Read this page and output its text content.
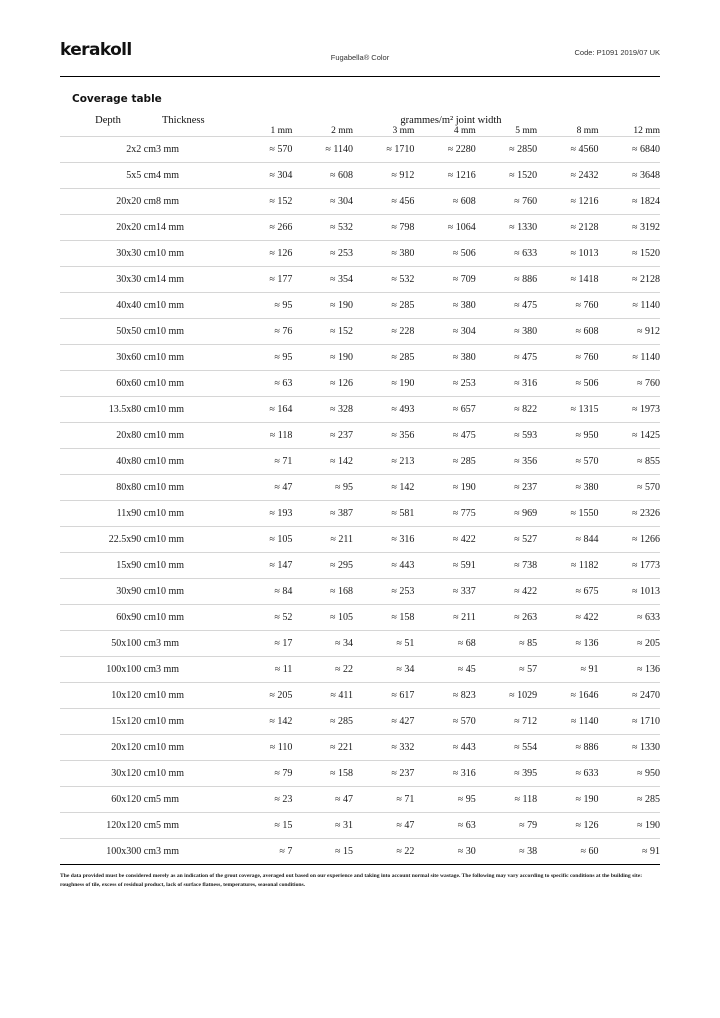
kerakoll	Code: P1091 2019/07 UK
Fugabella® Color
Coverage table
Depth	Thickness	grammes/m² joint width						
		1 mm	2 mm	3 mm	4 mm	5 mm	8 mm	12 mm
2x2 cm	3 mm	≈ 570	≈ 1140	≈ 1710	≈ 2280	≈ 2850	≈ 4560	≈ 6840
5x5 cm	4 mm	≈ 304	≈ 608	≈ 912	≈ 1216	≈ 1520	≈ 2432	≈ 3648
20x20 cm	8 mm	≈ 152	≈ 304	≈ 456	≈ 608	≈ 760	≈ 1216	≈ 1824
20x20 cm	14 mm	≈ 266	≈ 532	≈ 798	≈ 1064	≈ 1330	≈ 2128	≈ 3192
30x30 cm	10 mm	≈ 126	≈ 253	≈ 380	≈ 506	≈ 633	≈ 1013	≈ 1520
30x30 cm	14 mm	≈ 177	≈ 354	≈ 532	≈ 709	≈ 886	≈ 1418	≈ 2128
40x40 cm	10 mm	≈ 95	≈ 190	≈ 285	≈ 380	≈ 475	≈ 760	≈ 1140
50x50 cm	10 mm	≈ 76	≈ 152	≈ 228	≈ 304	≈ 380	≈ 608	≈ 912
30x60 cm	10 mm	≈ 95	≈ 190	≈ 285	≈ 380	≈ 475	≈ 760	≈ 1140
60x60 cm	10 mm	≈ 63	≈ 126	≈ 190	≈ 253	≈ 316	≈ 506	≈ 760
13.5x80 cm	10 mm	≈ 164	≈ 328	≈ 493	≈ 657	≈ 822	≈ 1315	≈ 1973
20x80 cm	10 mm	≈ 118	≈ 237	≈ 356	≈ 475	≈ 593	≈ 950	≈ 1425
40x80 cm	10 mm	≈ 71	≈ 142	≈ 213	≈ 285	≈ 356	≈ 570	≈ 855
80x80 cm	10 mm	≈ 47	≈ 95	≈ 142	≈ 190	≈ 237	≈ 380	≈ 570
11x90 cm	10 mm	≈ 193	≈ 387	≈ 581	≈ 775	≈ 969	≈ 1550	≈ 2326
22.5x90 cm	10 mm	≈ 105	≈ 211	≈ 316	≈ 422	≈ 527	≈ 844	≈ 1266
15x90 cm	10 mm	≈ 147	≈ 295	≈ 443	≈ 591	≈ 738	≈ 1182	≈ 1773
30x90 cm	10 mm	≈ 84	≈ 168	≈ 253	≈ 337	≈ 422	≈ 675	≈ 1013
60x90 cm	10 mm	≈ 52	≈ 105	≈ 158	≈ 211	≈ 263	≈ 422	≈ 633
50x100 cm	3 mm	≈ 17	≈ 34	≈ 51	≈ 68	≈ 85	≈ 136	≈ 205
100x100 cm	3 mm	≈ 11	≈ 22	≈ 34	≈ 45	≈ 57	≈ 91	≈ 136
10x120 cm	10 mm	≈ 205	≈ 411	≈ 617	≈ 823	≈ 1029	≈ 1646	≈ 2470
15x120 cm	10 mm	≈ 142	≈ 285	≈ 427	≈ 570	≈ 712	≈ 1140	≈ 1710
20x120 cm	10 mm	≈ 110	≈ 221	≈ 332	≈ 443	≈ 554	≈ 886	≈ 1330
30x120 cm	10 mm	≈ 79	≈ 158	≈ 237	≈ 316	≈ 395	≈ 633	≈ 950
60x120 cm	5 mm	≈ 23	≈ 47	≈ 71	≈ 95	≈ 118	≈ 190	≈ 285
120x120 cm	5 mm	≈ 15	≈ 31	≈ 47	≈ 63	≈ 79	≈ 126	≈ 190
100x300 cm	3 mm	≈ 7	≈ 15	≈ 22	≈ 30	≈ 38	≈ 60	≈ 91
The data provided must be considered merely as an indication of the grout coverage, averaged out based on our experience and taking into account normal site wastage. The following may vary according to specific conditions at the building site: roughness of tile, excess of residual product, lack of surface flatness, temperatures, seasonal conditions.
